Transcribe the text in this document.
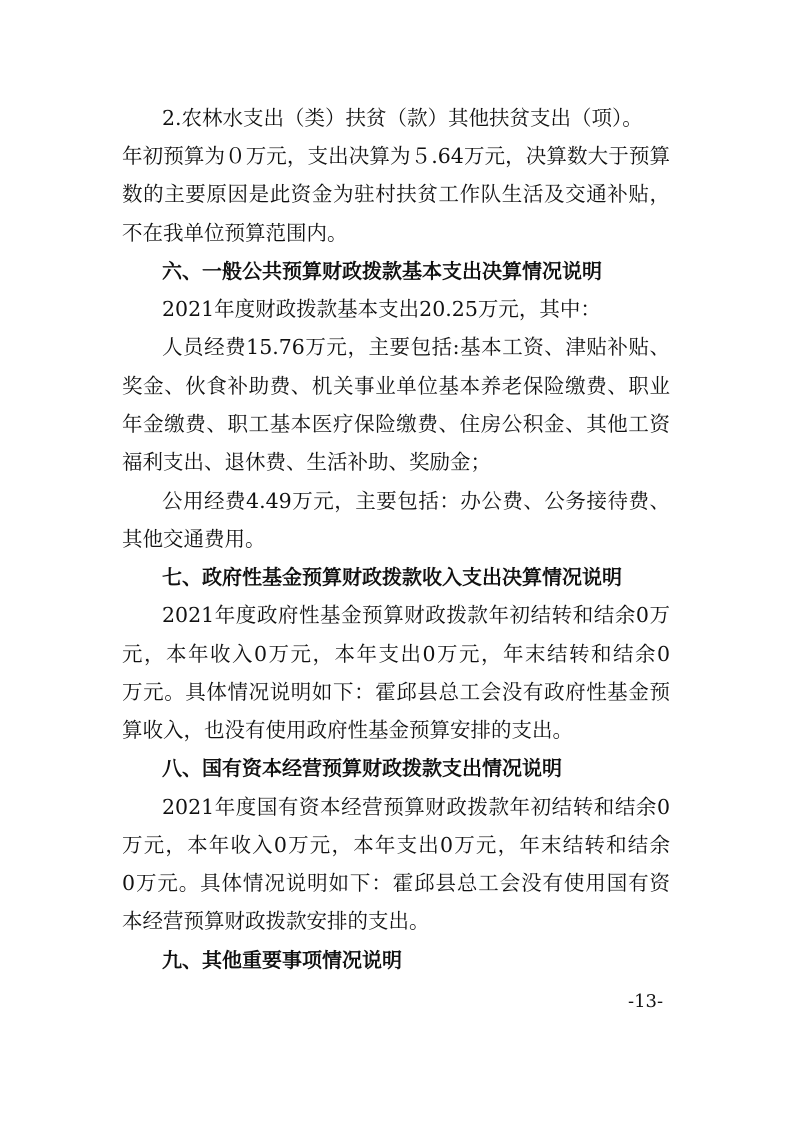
2.农林水支出（类）扶贫（款）其他扶贫支出（项）。
年初预算为０万元，支出决算为５.64万元，决算数大于预算
数的主要原因是此资金为驻村扶贫工作队生活及交通补贴，
不在我单位预算范围内。
六、一般公共预算财政拨款基本支出决算情况说明
2021年度财政拨款基本支出20.25万元，其中：
人员经费15.76万元，主要包括:基本工资、津贴补贴、
奖金、伙食补助费、机关事业单位基本养老保险缴费、职业
年金缴费、职工基本医疗保险缴费、住房公积金、其他工资
福利支出、退休费、生活补助、奖励金；
公用经费4.49万元，主要包括：办公费、公务接待费、
其他交通费用。
七、政府性基金预算财政拨款收入支出决算情况说明
2021年度政府性基金预算财政拨款年初结转和结余0万
元，本年收入0万元，本年支出0万元，年末结转和结余0
万元。具体情况说明如下：霍邱县总工会没有政府性基金预
算收入，也没有使用政府性基金预算安排的支出。
八、国有资本经营预算财政拨款支出情况说明
2021年度国有资本经营预算财政拨款年初结转和结余0
万元，本年收入0万元，本年支出0万元，年末结转和结余
0万元。具体情况说明如下：霍邱县总工会没有使用国有资
本经营预算财政拨款安排的支出。
九、其他重要事项情况说明
-13-
